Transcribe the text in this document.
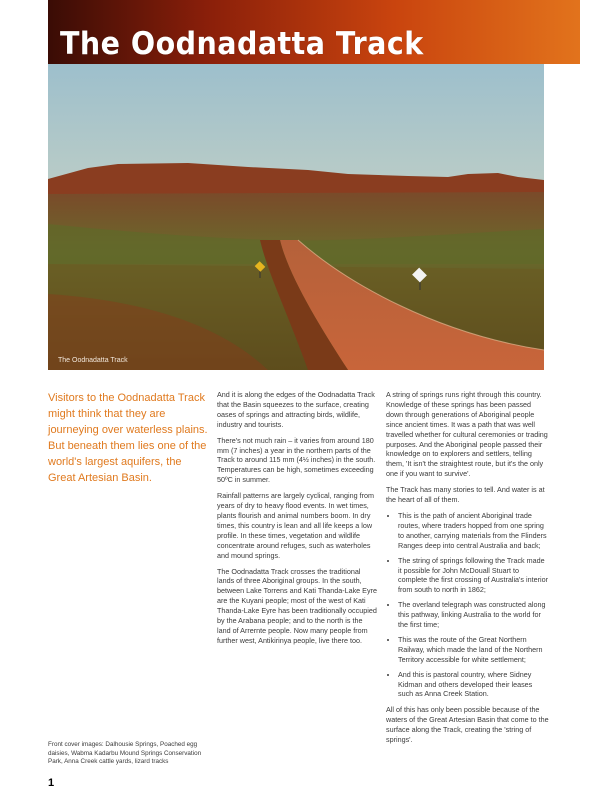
The Oodnadatta Track
The Oodnadatta Track

Visitors to the Oodnadatta Track might think that they are journeying over waterless plains. But beneath them lies one of the world's largest aquifers, the Great Artesian Basin.

And it is along the edges of the Oodnadatta Track that the Basin squeezes to the surface, creating oases of springs and attracting birds, wildlife, industry and tourists.

There's not much rain – it varies from around 180 mm (7 inches) a year in the northern parts of the Track to around 115 mm (4½ inches) in the south. Temperatures can be high, sometimes exceeding 50ºC in summer.

Rainfall patterns are largely cyclical, ranging from years of dry to heavy flood events. In wet times, plants flourish and animal numbers boom. In dry times, this country is lean and all life keeps a low profile. In these times, vegetation and wildlife concentrate around refuges, such as waterholes and mound springs.

The Oodnadatta Track crosses the traditional lands of three Aboriginal groups. In the south, between Lake Torrens and Kati Thanda-Lake Eyre are the Kuyani people; most of the west of Kati Thanda-Lake Eyre has been traditionally occupied by the Arabana people; and to the north is the land of Arrernte people. Now many people from further west, Antikirinya people, live there too.

A string of springs runs right through this country. Knowledge of these springs has been passed down through generations of Aboriginal people since ancient times. It was a path that was well travelled whether for cultural ceremonies or trading purposes. And the Aboriginal people passed their knowledge on to explorers and settlers, telling them, 'It isn't the straightest route, but it's the only one if you want to survive'.

The Track has many stories to tell. And water is at the heart of all of them.

• This is the path of ancient Aboriginal trade routes, where traders hopped from one spring to another, carrying materials from the Flinders Ranges deep into central Australia and back;
• The string of springs following the Track made it possible for John McDouall Stuart to complete the first crossing of Australia's interior from south to north in 1862;
• The overland telegraph was constructed along this pathway, linking Australia to the world for the first time;
• This was the route of the Great Northern Railway, which made the land of the Northern Territory accessible for white settlement;
• And this is pastoral country, where Sidney Kidman and others developed their leases such as Anna Creek Station.

All of this has only been possible because of the waters of the Great Artesian Basin that come to the surface along the Track, creating the 'string of springs'.

Front cover images: Dalhousie Springs, Poached egg daisies, Wabma Kadarbu Mound Springs Conservation Park, Anna Creek cattle yards, lizard tracks

1
